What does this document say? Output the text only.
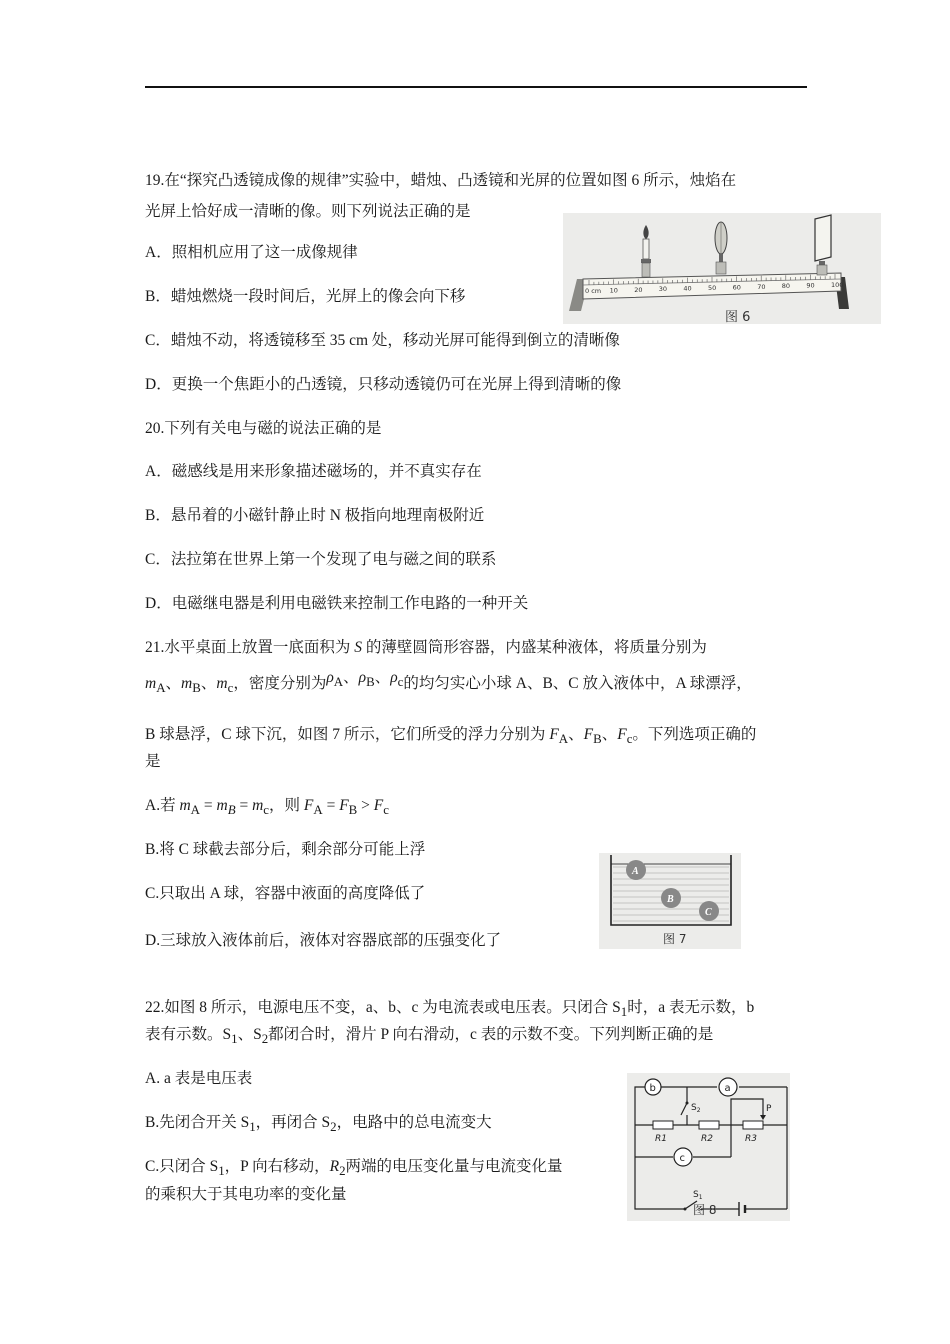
19.在“探究凸透镜成像的规律”实验中，蜡烛、凸透镜和光屏的位置如图 6 所示，烛焰在
光屏上恰好成一清晰的像。则下列说法正确的是
A．照相机应用了这一成像规律
B．蜡烛燃烧一段时间后，光屏上的像会向下移
C．蜡烛不动，将透镜移至 35 cm 处，移动光屏可能得到倒立的清晰像
D．更换一个焦距小的凸透镜，只移动透镜仍可在光屏上得到清晰的像
0 cm 10	20	30	40	50	60	70	80	90	100
图 6
20.下列有关电与磁的说法正确的是
A．磁感线是用来形象描述磁场的，并不真实存在
B．悬吊着的小磁针静止时 N 极指向地理南极附近
C．法拉第在世界上第一个发现了电与磁之间的联系
D．电磁继电器是利用电磁铁来控制工作电路的一种开关
21.水平桌面上放置一底面积为 S 的薄壁圆筒形容器，内盛某种液体，将质量分别为
$m_A$、$m_B$、$m_c$，密度分别为$\rho_A$、$\rho_B$、$\rho_c$的均匀实心小球 A、B、C 放入液体中，A 球漂浮，
B 球悬浮，C 球下沉，如图 7 所示，它们所受的浮力分别为 $F_A$、$F_B$、$F_c$。下列选项正确的
是
A.若 $m_A = m_B = m_c$，则 $F_A = F_B > F_c$
B.将 C 球截去部分后，剩余部分可能上浮
C.只取出 A 球，容器中液面的高度降低了
D.三球放入液体前后，液体对容器底部的压强变化了
A
B
C
图 7
22.如图 8 所示，电源电压不变，a、b、c 为电流表或电压表。只闭合 $S_1$时，a 表无示数，b
表有示数。$S_1$、$S_2$都闭合时，滑片 P 向右滑动，c 表的示数不变。下列判断正确的是
A. a 表是电压表
B.先闭合开关 $S_1$，再闭合 $S_2$，电路中的总电流变大
C.只闭合 $S_1$，P 向右移动，$R_2$两端的电压变化量与电流变化量
的乘积大于其电功率的变化量
$S_2$
R1	R2	R3
P
b	a
c
$S_1$
图 8
